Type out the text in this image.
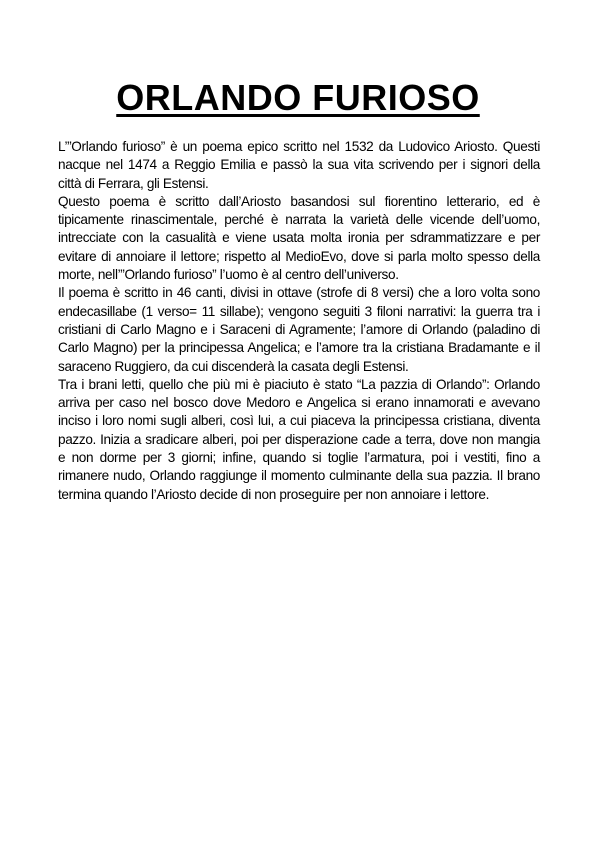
ORLANDO FURIOSO

L’”Orlando furioso” è un poema epico scritto nel 1532 da Ludovico Ariosto. Questi nacque nel 1474 a Reggio Emilia e passò la sua vita scrivendo per i signori della città di Ferrara, gli Estensi.

Questo poema è scritto dall’Ariosto basandosi sul fiorentino letterario, ed è tipicamente rinascimentale, perché è narrata la varietà delle vicende dell’uomo, intrecciate con la casualità e viene usata molta ironia per sdrammatizzare e per evitare di annoiare il lettore; rispetto al MedioEvo, dove si parla molto spesso della morte, nell’”Orlando furioso” l’uomo è al centro dell’universo.

Il poema è scritto in 46 canti, divisi in ottave (strofe di 8 versi) che a loro volta sono endecasillabe (1 verso= 11 sillabe); vengono seguiti 3 filoni narrativi: la guerra tra i cristiani di Carlo Magno e i Saraceni di Agramente; l’amore di Orlando (paladino di Carlo Magno) per la principessa Angelica; e l’amore tra la cristiana Bradamante e il saraceno Ruggiero, da cui discenderà la casata degli Estensi.

Tra i brani letti, quello che più mi è piaciuto è stato “La pazzia di Orlando”: Orlando arriva per caso nel bosco dove Medoro e Angelica si erano innamorati e avevano inciso i loro nomi sugli alberi, così lui, a cui piaceva la principessa cristiana, diventa pazzo. Inizia a sradicare alberi, poi per disperazione cade a terra, dove non mangia e non dorme per 3 giorni; infine, quando si toglie l’armatura, poi i vestiti, fino a rimanere nudo, Orlando raggiunge il momento culminante della sua pazzia. Il brano termina quando l’Ariosto decide di non proseguire per non annoiare i lettore.
